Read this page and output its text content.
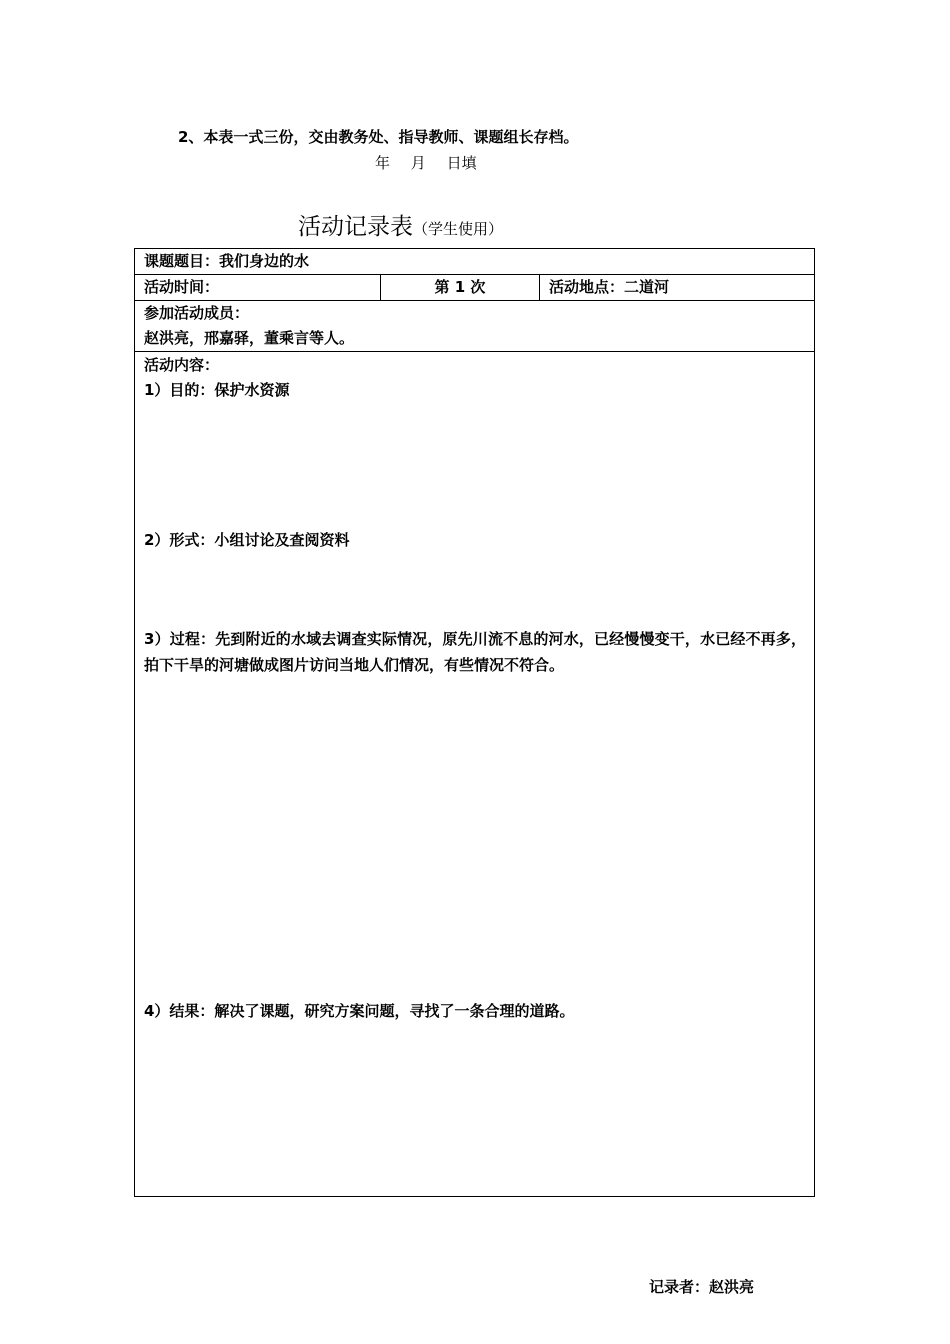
2、本表一式三份，交由教务处、指导教师、课题组长存档。
年 月 日填
活动记录表（学生使用）
课题题目：我们身边的水
活动时间：	第 1 次	活动地点：二道河
参加活动成员：
赵洪亮，邢嘉驿，董乘言等人。
活动内容：
1）目的：保护水资源
2）形式：小组讨论及查阅资料
3）过程：先到附近的水域去调查实际情况，原先川流不息的河水，已经慢慢变干，水已经不再多，拍下干旱的河塘做成图片访问当地人们情况，有些情况不符合。
4）结果：解决了课题，研究方案问题，寻找了一条合理的道路。
记录者：赵洪亮
